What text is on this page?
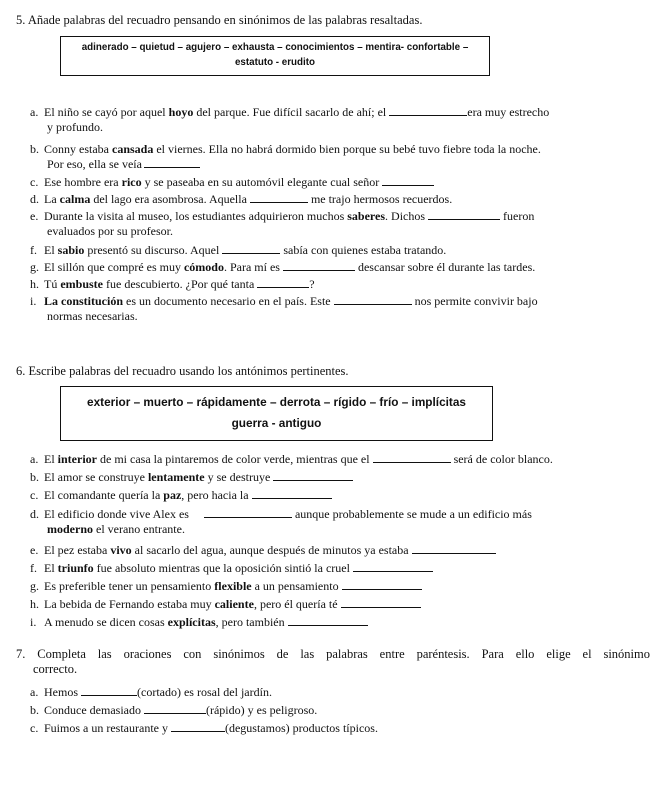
5. Añade palabras del recuadro pensando en sinónimos de las palabras resaltadas.
adinerado – quietud – agujero – exhausta – conocimientos – mentira- confortable –
estatuto - erudito
a. El niño se cayó por aquel hoyo del parque. Fue difícil sacarlo de ahí; el	era muy estrecho
y profundo.
b. Conny estaba cansada el viernes. Ella no habrá dormido bien porque su bebé tuvo fiebre toda la noche.
Por eso, ella se veía
c. Ese hombre era rico y se paseaba en su automóvil elegante cual señor
d. La calma del lago era asombrosa. Aquella	me trajo hermosos recuerdos.
e. Durante la visita al museo, los estudiantes adquirieron muchos saberes. Dichos	fueron
evaluados por su profesor.
f. El sabio presentó su discurso. Aquel	sabía con quienes estaba tratando.
g. El sillón que compré es muy cómodo. Para mí es	descansar sobre él durante las tardes.
h. Tú embuste fue descubierto. ¿Por qué tanta	?
i. La constitución es un documento necesario en el país. Este	nos permite convivir bajo
normas necesarias.
6. Escribe palabras del recuadro usando los antónimos pertinentes.
exterior – muerto – rápidamente – derrota – rígido – frío – implícitas
guerra - antiguo
a. El interior de mi casa la pintaremos de color verde, mientras que el	será de color blanco.
b. El amor se construye lentamente y se destruye
c. El comandante quería la paz, pero hacia la
d. El edificio donde vive Alex es	aunque probablemente se mude a un edificio más
moderno el verano entrante.
e. El pez estaba vivo al sacarlo del agua, aunque después de minutos ya estaba
f. El triunfo fue absoluto mientras que la oposición sintió la cruel
g. Es preferible tener un pensamiento flexible a un pensamiento
h. La bebida de Fernando estaba muy caliente, pero él quería té
i. A menudo se dicen cosas explícitas, pero también
7. Completa las oraciones con sinónimos de las palabras entre paréntesis. Para ello elige el sinónimo
correcto.
a. Hemos	(cortado) es rosal del jardín.
b. Conduce demasiado	(rápido) y es peligroso.
c. Fuimos a un restaurante y	(degustamos) productos típicos.
